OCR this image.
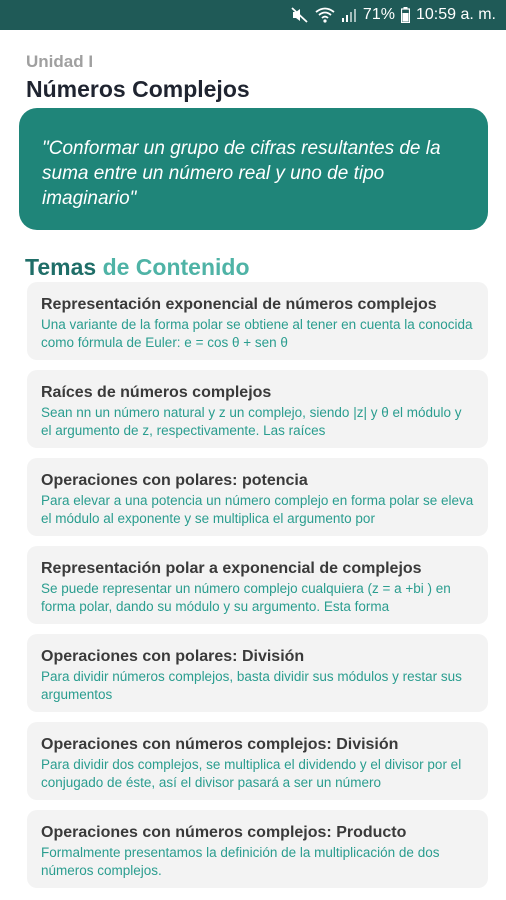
71% 10:59 a. m.
Unidad I
Números Complejos
"Conformar un grupo de cifras resultantes de la suma entre un número real y uno de tipo imaginario"
Temas de Contenido
Representación exponencial de números complejos
Una variante de la forma polar se obtiene al tener en cuenta la conocida como fórmula de Euler: e = cos θ + sen θ
Raíces de números complejos
Sean nn un número natural y z un complejo, siendo |z| y θ el módulo y el argumento de z, respectivamente. Las raíces
Operaciones con polares: potencia
Para elevar a una potencia un número complejo en forma polar se eleva el módulo al exponente y se multiplica el argumento por
Representación polar a exponencial de complejos
Se puede representar un número complejo cualquiera (z = a +bi ) en forma polar, dando su módulo y su argumento. Esta forma
Operaciones con polares: División
Para dividir números complejos, basta dividir sus módulos y restar sus argumentos
Operaciones con números complejos: División
Para dividir dos complejos, se multiplica el dividendo y el divisor por el conjugado de éste, así el divisor pasará a ser un número
Operaciones con números complejos: Producto
Formalmente presentamos la definición de la multiplicación de dos números complejos.
